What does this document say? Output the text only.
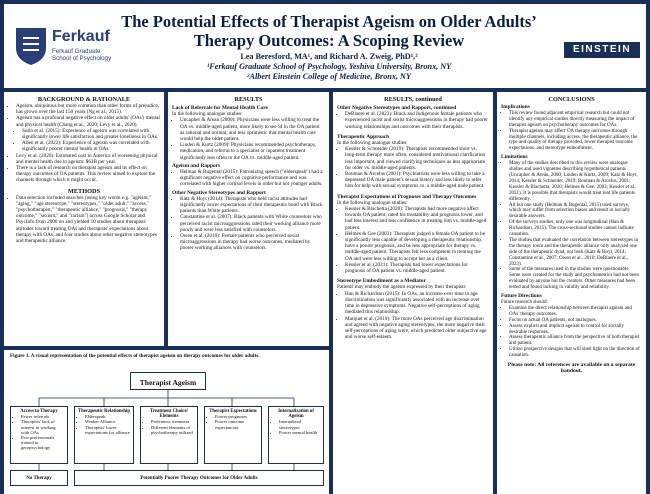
Ferkauf
Ferkauf Graduate School of Psychology
The Potential Effects of Therapist Ageism on Older Adults’ Therapy Outcomes: A Scoping Review
Lea Beresford, MA¹, and Richard A. Zweig, PhD¹,²
¹Ferkauf Graduate School of Psychology, Yeshiva University, Bronx, NY
²Albert Einstein College of Medicine, Bronx, NY
EINSTEIN
BACKGROUND & RATIONALE
• Ageism, ubiquitous but more common than other forms of prejudice, has grown over the last 150 years (Ng et al., 2015).
• Ageism has a profound negative effect on older adults' (OAs') mental and physical health (Chang et al., 2020; Levy et al., 2020).
• Sutin et al. (2015): Experience of ageism was correlated with significantly lower life satisfaction and greater loneliness in OAs.
• Allen et al. (2022): Experience of ageism was correlated with significantly poorer mental health in OAs.
• Levy et al. (2020): Estimated cost in America of worsening physical and mental health due to ageism: $63B per year.
• There is a lack of research on therapist ageism and its effect on therapy outcomes of OA patients. This review aimed to explore the channels through which it might occur.
METHODS
• Data selection included searches (using key words e.g. "ageism," "aging," "age stereotype," "stereotypes," "older adult," "access," "psychotherapist," "therapeutic alliance," "prognosis," "therapy outcome," "sexism," and "racism") across Google Scholar and PsycInfo from 2000 on and yielded 10 studies about therapists' attitudes toward treating OAs and therapists' expectations about therapy with OAs, and four studies about other negative stereotypes and therapeutic alliance.
RESULTS
Lack of Referrals for Mental Health Care
In the following analogue studies:
• Uncapher & Arean (2000): Physicians were less willing to treat the OA vs. middle-aged patient, more likely to see SI in the OA patient as rational and normal, and less optimistic that mental health care would help the older patient.
• Linden & Kurtz (2009): Physicians recommended psychotherapy, medication, and referral to a specialist or inpatient treatment significantly less often to the OA vs. middle-aged patient.
Ageism and Rapport
• Helman & Bugental (2015): Patronizing speech ("elderspeak") had a significant negative effect on cognitive performance and was correlated with higher cortisol levels in older but not younger adults.
Other Negative Stereotypes and Rapport
• Katz & Hoyt (2014): Therapists who held racist attitudes had significantly lower expectations of their therapeutic bond with Black patients than White patients.
• Constantine et al. (2007): Black patients with White counselors who perceived racist microaggressions rated their working alliance more poorly and were less satisfied with counselors.
• Owen et al. (2010): Female patients who perceived sexist microaggressions in therapy had worse outcomes, mediated by poorer working alliances with counselors.
RESULTS, continued
Other Negative Stereotypes and Rapport, continued
• DeBlaere et al. (2023): Black and Indigenous female patients who experienced racist and sexist microaggressions in therapy had poorer working relationships and outcomes with their therapists.
Therapeutic Approach
In the following analogue studies:
• Kessler & Schneider (2019): Therapists recommended short vs. long-term therapy more often, considered motivational clarification less important, and viewed clarifying techniques as less appropriate for older vs. middle-aged patients.
• Bouman & Arcelus (2001): Psychiatrists were less willing to take a depressed OA male patient's sexual history and less likely to refer him for help with sexual symptoms vs. a middle-aged male patient.
Therapist Expectations of Prognoses and Therapy Outcomes
In the following analogue studies:
• Kessler & Blachetta (2020): Therapists had more negative affect towards OA patient, rated his treatability and prognosis lower, and had less interest and less confidence in treating him vs. middle-aged patient.
• Helmes & Gee (2003): Therapists judged a female OA patient to be significantly less capable of developing a therapeutic relationship, have a poorer prognosis, and be less appropriate for therapy vs. middle-aged patient. Therapists felt less competent in treating the OA and were less willing to accept her as a client.
• Kessler et al. (2021): Therapists had lower expectations for prognosis of OA patient vs. middle-aged patient.
Stereotype Embodiment as a Mediator
Patients may embody the ageism expressed by their therapists
• Han & Richardson (2015): In OAs, an increase over time in age discrimination was significantly associated with an increase over time in depressive symptoms. Negative self-perceptions of aging mediated this relationship.
• Marquet et al. (2019): The more OAs perceived age discrimination and agreed with negative aging stereotypes, the more negative their self-perceptions of aging were, which predicted older subjective age and worse self-esteem.
CONCLUSIONS
Implications
• This review found adjacent empirical research but could not identify any empirical studies directly measuring the impact of therapist ageism on psychotherapy outcomes for OAs.
• Therapist ageism may affect OA therapy outcomes through multiple channels, including access, the therapeutic alliance, the type and quality of therapy provided, lower therapist outcome expectations, and stereotype embodiment.
Limitations
• Many of the studies described in this review were analogue studies and used vignettes describing hypothetical patients (Uncapher & Areán, 2000; Linden & Kurtz, 2009; Katz & Hoyt, 2014; Kessler & Schneider, 2019; Bouman & Arcelus, 2001; Kessler & Blachetta, 2020; Helmes & Gee, 2003; Kessler et al., 2021). It is possible that therapists would treat real life patients differently.
• All but one study (Helman & Bugental, 2015) used surveys, which may suffer from selection biases and result in socially desirable answers.
• Of the surveys studies, only one was longitudinal (Han & Richardson, 2015). The cross-sectional studies cannot indicate causation.
• The studies that evaluated the correlation between stereotypes in the therapy room and the therapeutic alliance only analyzed one side of the therapeutic dyad, not both (Katz & Hoyt, 2014; Constantine et al., 2007; Owen et al., 2010; DeBlaere et al., 2023).
• Some of the measures used in the studies were questionable. Some were created for the study and psychometrics had not been evaluated by anyone but the creators. Other measures had been tested and found lacking in validity and reliability.
Future Directions
Future research should:
• Examine the direct relationship between therapist ageism and OAs' therapy outcomes.
• Focus on actual OA patients, not analogues.
• Assess explicit and implicit ageism to control for socially desirable responses.
• Assess therapeutic alliance from the perspective of both therapist and patient.
• Utilize prospective designs that will shed light on the direction of causation.
Please note: All references are available on a separate handout.
Figure 1. A visual representation of the potential effects of therapist ageism on therapy outcomes for older adults.
Therapist Ageism
Access to Therapy
• Fewer referrals
• Therapists' lack of interest in working with OAs
• Few professionals trained in geropsychology
Therapeutic Relationship
• Elderspeak
• Weaker Alliance
• Therapists' lower expectations for alliance
Treatment Choice/ Elements
• Preference treatment
• Different elements of psychotherapy utilized
Therapist Expectations
• Poorer prognoses
• Poorer outcome expectancies
Internalization of Ageism
• Internalized stereotypes
• Poorer mental health
No Therapy	Potentially Poorer Therapy Outcomes for Older Adults
